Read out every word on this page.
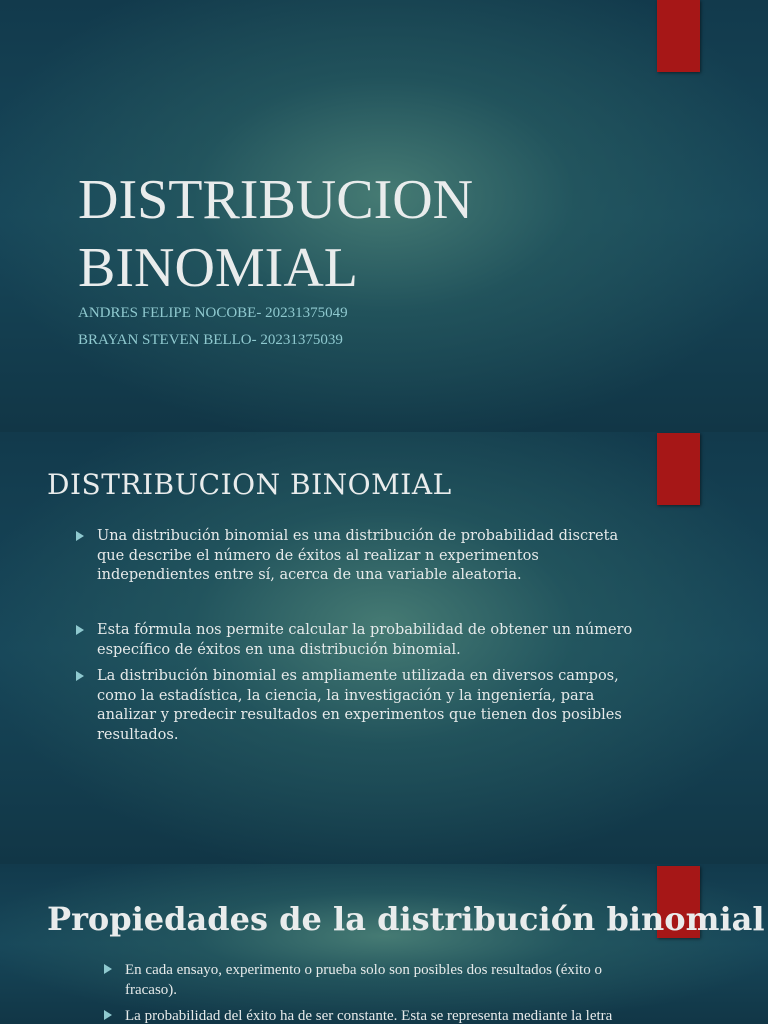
DISTRIBUCION
BINOMIAL
ANDRES FELIPE NOCOBE- 20231375049
BRAYAN STEVEN BELLO- 20231375039
DISTRIBUCION BINOMIAL
Una distribución binomial es una distribución de probabilidad discreta que describe el número de éxitos al realizar n experimentos independientes entre sí, acerca de una variable aleatoria.
Esta fórmula nos permite calcular la probabilidad de obtener un número específico de éxitos en una distribución binomial.
La distribución binomial es ampliamente utilizada en diversos campos, como la estadística, la ciencia, la investigación y la ingeniería, para analizar y predecir resultados en experimentos que tienen dos posibles resultados.
Propiedades de la distribución binomial
En cada ensayo, experimento o prueba solo son posibles dos resultados (éxito o fracaso).
La probabilidad del éxito ha de ser constante. Esta se representa mediante la letra
